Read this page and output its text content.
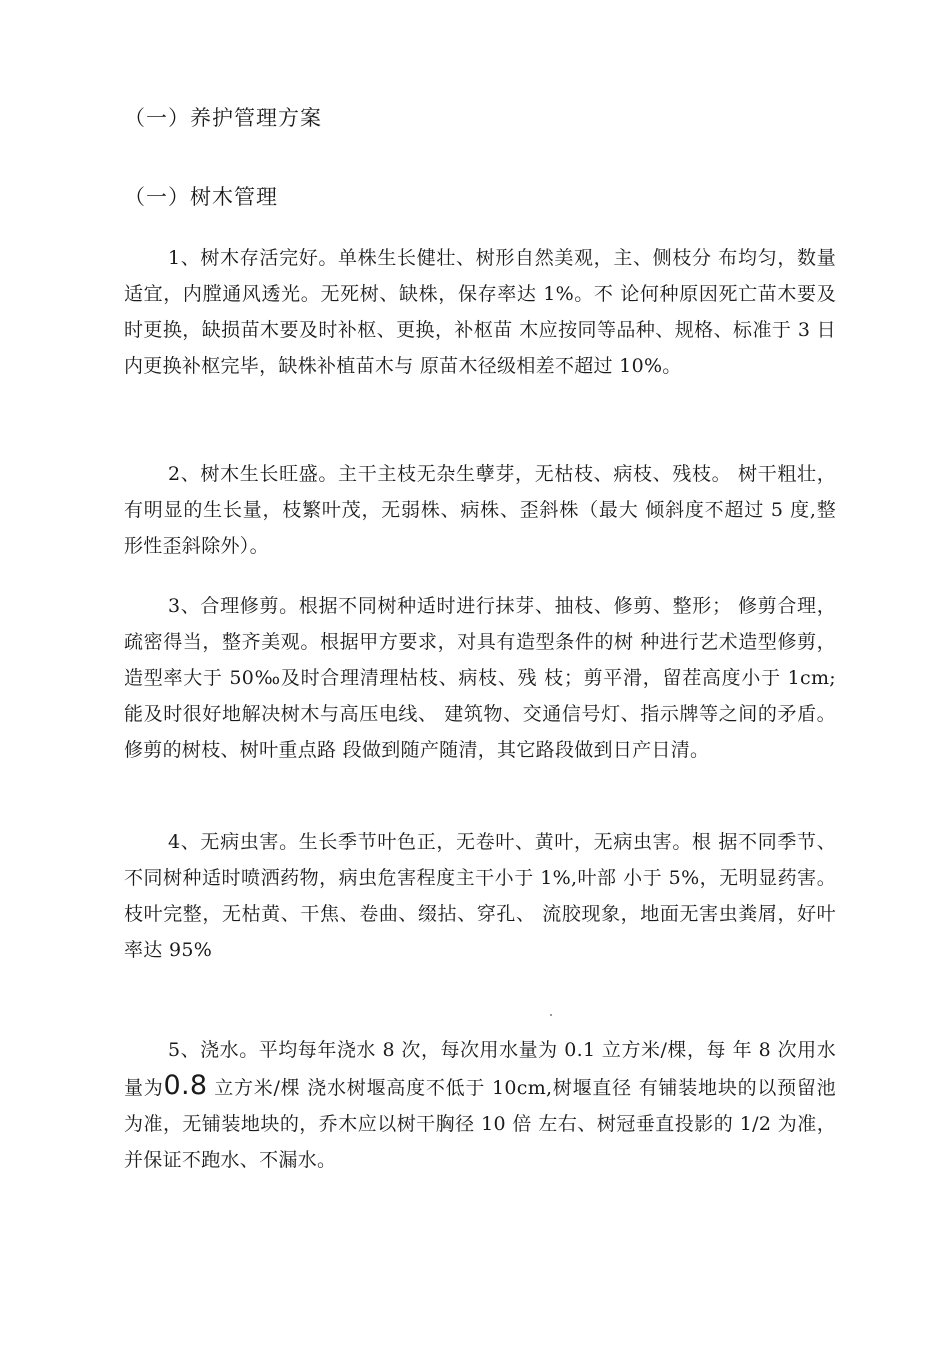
（一）养护管理方案
（一）树木管理

1、树木存活完好。单株生长健壮、树形自然美观，主、侧枝分 布均匀，数量适宜，内膛通风透光。无死树、缺株，保存率达 1%。不 论何种原因死亡苗木要及时更换，缺损苗木要及时补枢、更换，补枢苗 木应按同等品种、规格、标准于 3 日内更换补枢完毕，缺株补植苗木与 原苗木径级相差不超过 10%。

2、树木生长旺盛。主干主枝无杂生孽芽，无枯枝、病枝、残枝。 树干粗壮，有明显的生长量，枝繁叶茂，无弱株、病株、歪斜株（最大 倾斜度不超过 5 度,整形性歪斜除外）。

3、合理修剪。根据不同树种适时进行抹芽、抽枝、修剪、整形； 修剪合理，疏密得当，整齐美观。根据甲方要求，对具有造型条件的树 种进行艺术造型修剪，造型率大于 50‰及时合理清理枯枝、病枝、残 枝；剪平滑，留茬高度小于 1cm;能及时很好地解决树木与高压电线、 建筑物、交通信号灯、指示牌等之间的矛盾。修剪的树枝、树叶重点路 段做到随产随清，其它路段做到日产日清。

4、无病虫害。生长季节叶色正，无卷叶、黄叶，无病虫害。根 据不同季节、不同树种适时喷洒药物，病虫危害程度主干小于 1%,叶部 小于 5%，无明显药害。枝叶完整，无枯黄、干焦、卷曲、缀拈、穿孔、 流胶现象，地面无害虫粪屑，好叶率达 95%

5、浇水。平均每年浇水 8 次，每次用水量为 0.1 立方米/棵，每 年 8 次用水量为0.8 立方米/棵 浇水树堰高度不低于 10cm,树堰直径 有铺装地块的以预留池为准，无铺装地块的，乔木应以树干胸径 10 倍 左右、树冠垂直投影的 1/2 为准，并保证不跑水、不漏水。
